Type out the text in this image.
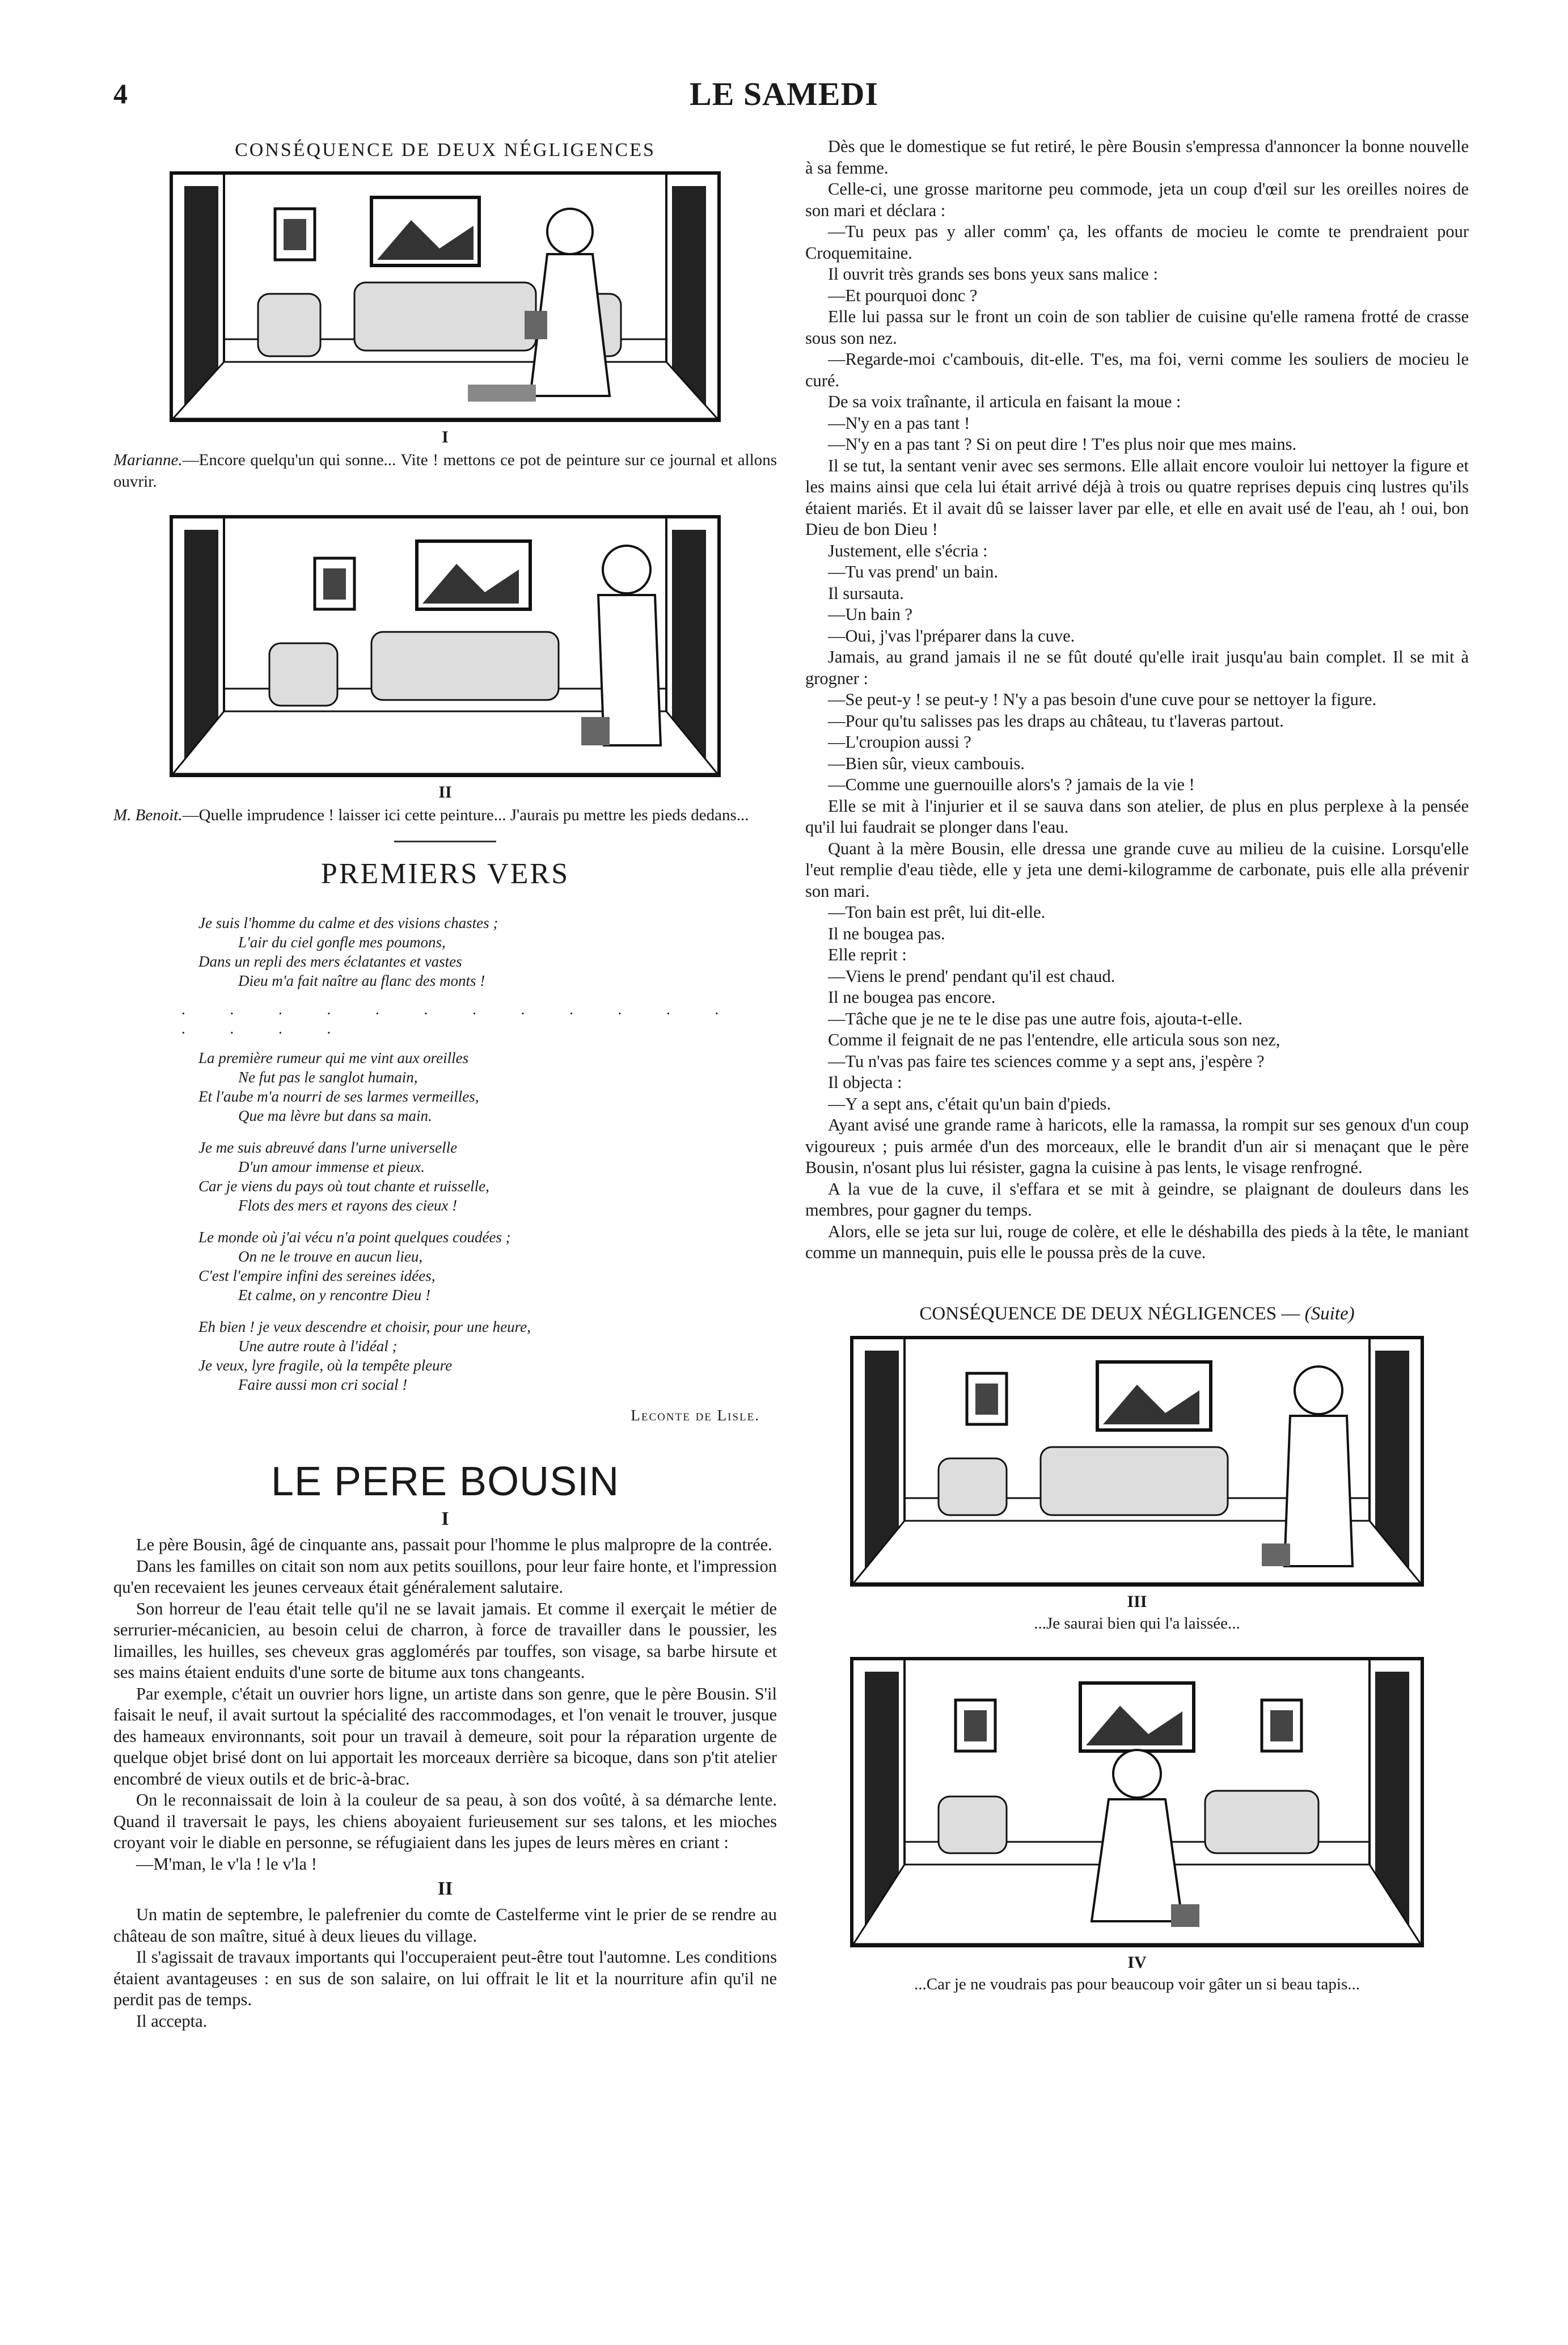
4	LE SAMEDI
CONSÉQUENCE DE DEUX NÉGLIGENCES
I
Marianne.—Encore quelqu'un qui sonne... Vite ! mettons ce pot de peinture sur ce journal et allons ouvrir.
II
M. Benoit.—Quelle imprudence ! laisser ici cette peinture... J'aurais pu mettre les pieds dedans...
PREMIERS VERS
Je suis l'homme du calme et des visions chastes ;
L'air du ciel gonfle mes poumons,
Dans un repli des mers éclatantes et vastes
Dieu m'a fait naître au flanc des monts !
. . . . . . . . . . . . . . . .
La première rumeur qui me vint aux oreilles
Ne fut pas le sanglot humain,
Et l'aube m'a nourri de ses larmes vermeilles,
Que ma lèvre but dans sa main.
Je me suis abreuvé dans l'urne universelle
D'un amour immense et pieux.
Car je viens du pays où tout chante et ruisselle,
Flots des mers et rayons des cieux !
Le monde où j'ai vécu n'a point quelques coudées ;
On ne le trouve en aucun lieu,
C'est l'empire infini des sereines idées,
Et calme, on y rencontre Dieu !
Eh bien ! je veux descendre et choisir, pour une heure,
Une autre route à l'idéal ;
Je veux, lyre fragile, où la tempête pleure
Faire aussi mon cri social !
Leconte de Lisle.
LE PERE BOUSIN
I

Le père Bousin, âgé de cinquante ans, passait pour l'homme le plus malpropre de la contrée.

Dans les familles on citait son nom aux petits souillons, pour leur faire honte, et l'impression qu'en recevaient les jeunes cerveaux était généralement salutaire.

Son horreur de l'eau était telle qu'il ne se lavait jamais. Et comme il exerçait le métier de serrurier-mécanicien, au besoin celui de charron, à force de travailler dans le poussier, les limailles, les huilles, ses cheveux gras agglomérés par touffes, son visage, sa barbe hirsute et ses mains étaient enduits d'une sorte de bitume aux tons changeants.

Par exemple, c'était un ouvrier hors ligne, un artiste dans son genre, que le père Bousin. S'il faisait le neuf, il avait surtout la spécialité des raccommodages, et l'on venait le trouver, jusque des hameaux environnants, soit pour un travail à demeure, soit pour la réparation urgente de quelque objet brisé dont on lui apportait les morceaux derrière sa bicoque, dans son p'tit atelier encombré de vieux outils et de bric-à-brac.

On le reconnaissait de loin à la couleur de sa peau, à son dos voûté, à sa démarche lente. Quand il traversait le pays, les chiens aboyaient furieusement sur ses talons, et les mioches croyant voir le diable en personne, se réfugiaient dans les jupes de leurs mères en criant :

—M'man, le v'la ! le v'la !

II

Un matin de septembre, le palefrenier du comte de Castelferme vint le prier de se rendre au château de son maître, situé à deux lieues du village.

Il s'agissait de travaux importants qui l'occuperaient peut-être tout l'automne. Les conditions étaient avantageuses : en sus de son salaire, on lui offrait le lit et la nourriture afin qu'il ne perdit pas de temps.

Il accepta.

Dès que le domestique se fut retiré, le père Bousin s'empressa d'annoncer la bonne nouvelle à sa femme.

Celle-ci, une grosse maritorne peu commode, jeta un coup d'œil sur les oreilles noires de son mari et déclara :

—Tu peux pas y aller comm' ça, les offants de mocieu le comte te prendraient pour Croquemitaine.

Il ouvrit très grands ses bons yeux sans malice :

—Et pourquoi donc ?

Elle lui passa sur le front un coin de son tablier de cuisine qu'elle ramena frotté de crasse sous son nez.

—Regarde-moi c'cambouis, dit-elle. T'es, ma foi, verni comme les souliers de mocieu le curé.

De sa voix traînante, il articula en faisant la moue :

—N'y en a pas tant !

—N'y en a pas tant ? Si on peut dire ! T'es plus noir que mes mains.

Il se tut, la sentant venir avec ses sermons. Elle allait encore vouloir lui nettoyer la figure et les mains ainsi que cela lui était arrivé déjà à trois ou quatre reprises depuis cinq lustres qu'ils étaient mariés. Et il avait dû se laisser laver par elle, et elle en avait usé de l'eau, ah ! oui, bon Dieu de bon Dieu !

Justement, elle s'écria :

—Tu vas prend' un bain.

Il sursauta.

—Un bain ?

—Oui, j'vas l'préparer dans la cuve.

Jamais, au grand jamais il ne se fût douté qu'elle irait jusqu'au bain complet. Il se mit à grogner :

—Se peut-y ! se peut-y ! N'y a pas besoin d'une cuve pour se nettoyer la figure.

—Pour qu'tu salisses pas les draps au château, tu t'laveras partout.

—L'croupion aussi ?

—Bien sûr, vieux cambouis.

—Comme une guernouille alors's ? jamais de la vie !

Elle se mit à l'injurier et il se sauva dans son atelier, de plus en plus perplexe à la pensée qu'il lui faudrait se plonger dans l'eau.

Quant à la mère Bousin, elle dressa une grande cuve au milieu de la cuisine. Lorsqu'elle l'eut remplie d'eau tiède, elle y jeta une demi-kilogramme de carbonate, puis elle alla prévenir son mari.

—Ton bain est prêt, lui dit-elle.

Il ne bougea pas.

Elle reprit :

—Viens le prend' pendant qu'il est chaud.

Il ne bougea pas encore.

—Tâche que je ne te le dise pas une autre fois, ajouta-t-elle.

Comme il feignait de ne pas l'entendre, elle articula sous son nez,

—Tu n'vas pas faire tes sciences comme y a sept ans, j'espère ?

Il objecta :

—Y a sept ans, c'était qu'un bain d'pieds.

Ayant avisé une grande rame à haricots, elle la ramassa, la rompit sur ses genoux d'un coup vigoureux ; puis armée d'un des morceaux, elle le brandit d'un air si menaçant que le père Bousin, n'osant plus lui résister, gagna la cuisine à pas lents, le visage renfrogné.

A la vue de la cuve, il s'effara et se mit à geindre, se plaignant de douleurs dans les membres, pour gagner du temps.

Alors, elle se jeta sur lui, rouge de colère, et elle le déshabilla des pieds à la tête, le maniant comme un mannequin, puis elle le poussa près de la cuve.

CONSÉQUENCE DE DEUX NÉGLIGENCES — (Suite)
III
...Je saurai bien qui l'a laissée...
IV
...Car je ne voudrais pas pour beaucoup voir gâter un si beau tapis...
